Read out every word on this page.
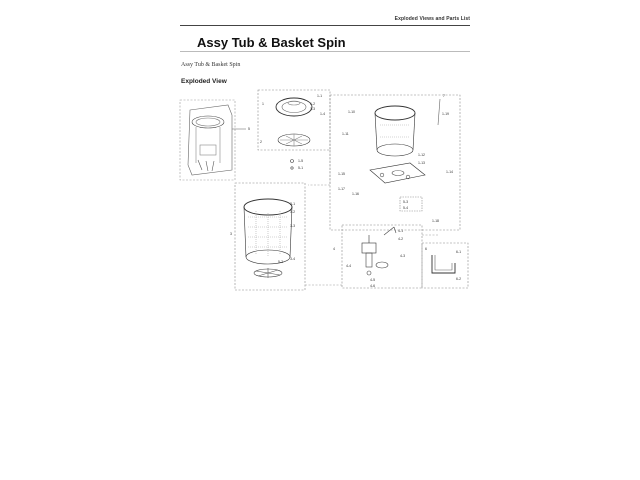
Exploded Views and Parts List
Assy Tub & Basket Spin
Assy Tub & Basket Spin
Exploded View
5
1
1-1
1-2
1-3
1-4
2
1-5
5-1
3
3-1
3-2
3-3
3-4
5-2
1-10
1-11
1-12
1-13
1-14
1-15
1-16
1-17
1-18
1-19
7
5-3
5-4
4
4-1
4-2
4-3
4-4
4-5
4-6
6
6-1
6-2
